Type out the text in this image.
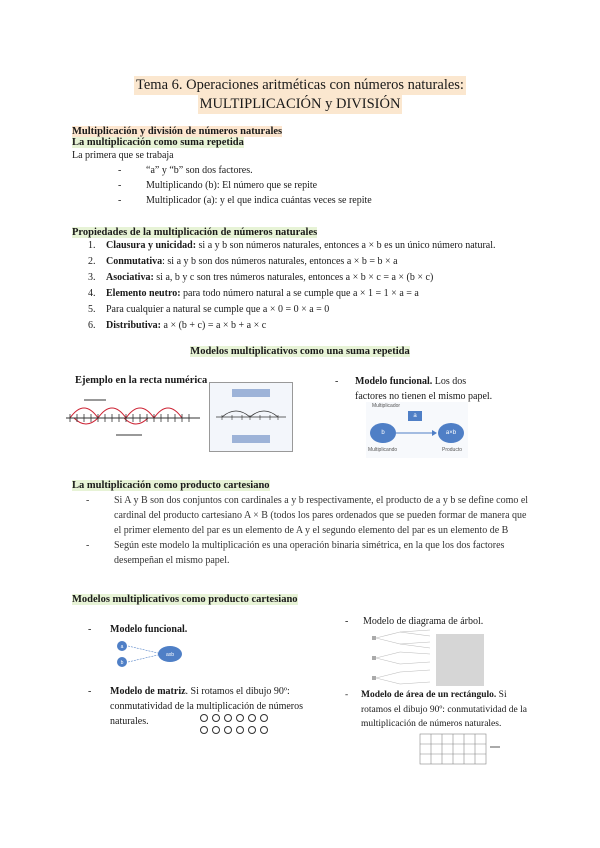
Tema 6. Operaciones aritméticas con números naturales:
MULTIPLICACIÓN y DIVISIÓN
Multiplicación y división de números naturales
La multiplicación como suma repetida
La primera que se trabaja
- “a” y “b” son dos factores.
- Multiplicando (b): El número que se repite
- Multiplicador (a): y el que indica cuántas veces se repite
Propiedades de la multiplicación de números naturales
1. Clausura y unicidad: si a y b son números naturales, entonces a × b es un único número natural.
2. Conmutativa: si a y b son dos números naturales, entonces a × b = b × a
3. Asociativa: si a, b y c son tres números naturales, entonces a × b × c = a × (b × c)
4. Elemento neutro: para todo número natural a se cumple que a × 1 = 1 × a = a
5. Para cualquier a natural se cumple que a × 0 = 0 × a = 0
6. Distributiva: a × (b + c) = a × b + a × c
Modelos multiplicativos como una suma repetida
Ejemplo en la recta numérica	- Modelo funcional. Los dos factores no tienen el mismo papel.
Multiplicador
a
b	a×b
Multiplicando	Producto
La multiplicación como producto cartesiano
- Si A y B son dos conjuntos con cardinales a y b respectivamente, el producto de a y b se define como el cardinal del producto cartesiano A × B (todos los pares ordenados que se pueden formar de manera que el primer elemento del par es un elemento de A y el segundo elemento del par es un elemento de B
- Según este modelo la multiplicación es una operación binaria simétrica, en la que los dos factores desempeñan el mismo papel.
Modelos multiplicativos como producto cartesiano
- Modelo funcional.
a
b
axb
- Modelo de diagrama de árbol.
- Modelo de matriz. Si rotamos el dibujo 90º: conmutatividad de la multiplicación de números naturales.
- Modelo de área de un rectángulo. Si rotamos el dibujo 90º: conmutatividad de la multiplicación de números naturales.
